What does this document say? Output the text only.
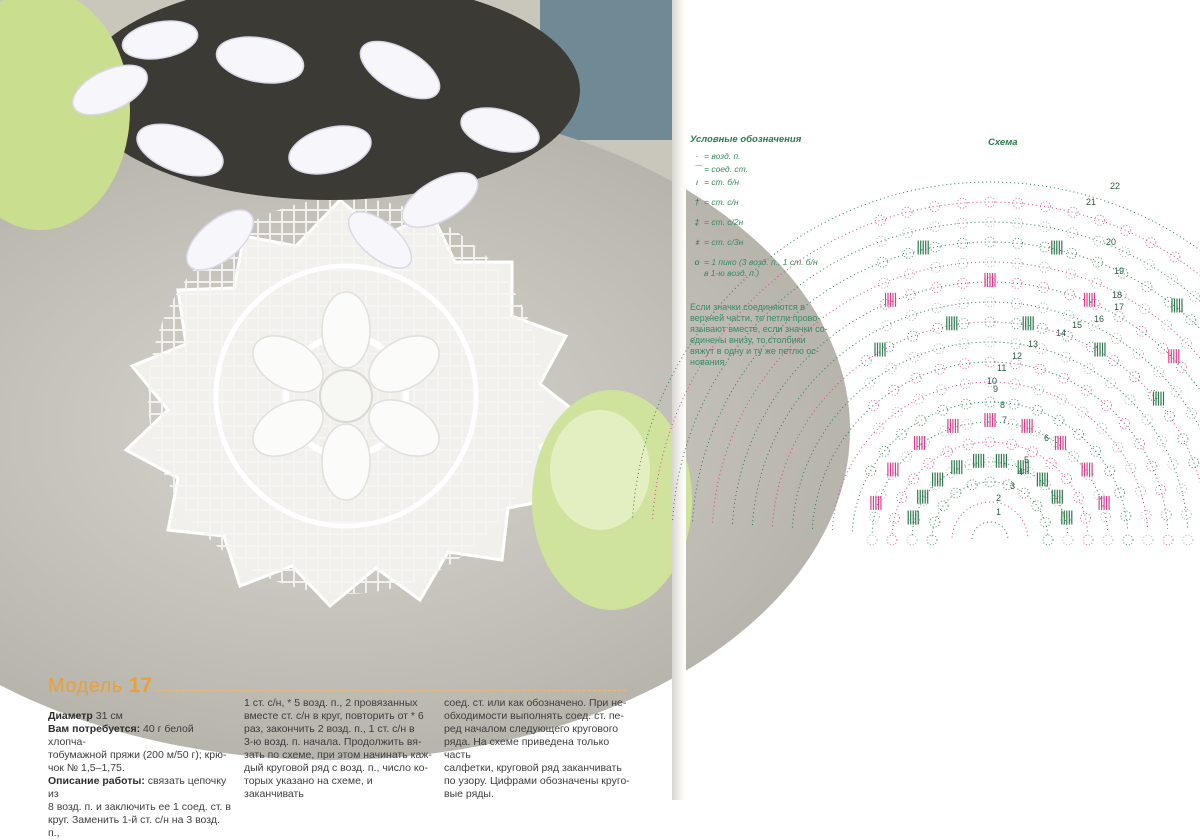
Модель 17
Диаметр 31 см
Вам потребуется: 40 г белой хлопча-
тобумажной пряжи (200 м/50 г); крю-
чок № 1,5–1,75.
Описание работы: связать цепочку из
8 возд. п. и заключить ее 1 соед. ст. в
круг. Заменить 1-й ст. с/н на 3 возд. п.,
1 ст. с/н, * 5 возд. п., 2 провязанных
вместе ст. с/н в круг, повторить от * 6
раз, закончить 2 возд. п., 1 ст. с/н в
3-ю возд. п. начала. Продолжить вя-
зать по схеме, при этом начинать каж-
дый круговой ряд с возд. п., число ко-
торых указано на схеме, и заканчивать
соед. ст. или как обозначено. При не-
обходимости выполнять соед. ст. пе-
ред началом следующего кругового
ряда. На схеме приведена только часть
салфетки, круговой ряд заканчивать
по узору. Цифрами обозначены круго-
вые ряды.
Условные обозначения
· = возд. п.
⌒ = соед. ст.
ı = ст. б/н
† = ст. с/н
‡ = ст. с/2н
⧧ = ст. с/3н
o = 1 пико (3 возд. п., 1 ст. б/н
в 1-ю возд. п.)
Если значки соединяются в
верхней части, то петли прово-
язывают вместе, если значки со-
единены внизу, то столбики
вяжут в одну и ту же петлю ос-
нования.
Схема
1
2
3
4
5
6
7
8
9
10
11
12
13
14
15
16
17
18
19
20
21
22
